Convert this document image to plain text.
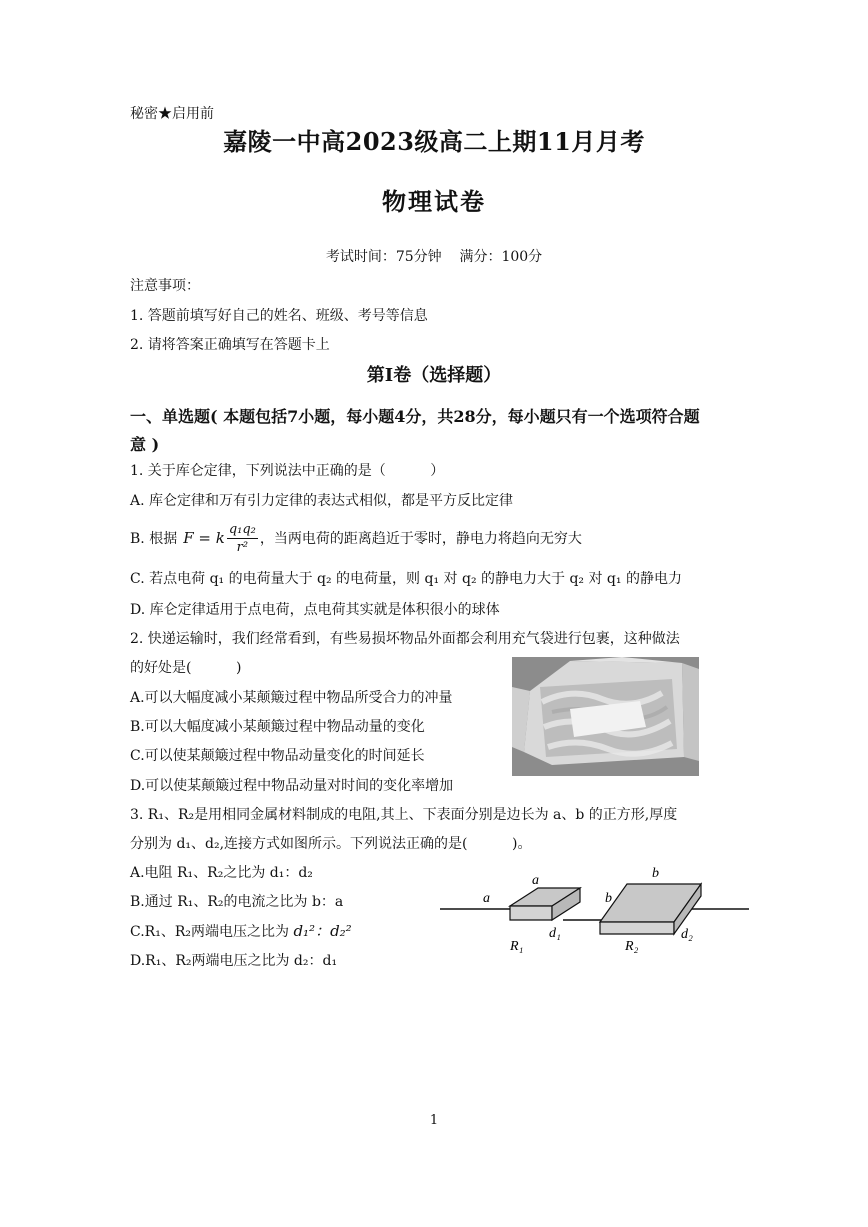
秘密★启用前
嘉陵一中高2023级高二上期11月月考
物理试卷
考试时间：75分钟    满分：100分
注意事项：
1. 答题前填写好自己的姓名、班级、考号等信息
2. 请将答案正确填写在答题卡上
第Ⅰ卷（选择题）
一、单选题( 本题包括7小题，每小题4分，共28分，每小题只有一个选项符合题
意 )
1. 关于库仑定律，下列说法中正确的是（          ）
A. 库仑定律和万有引力定律的表达式相似，都是平方反比定律
B. 根据 F = k $\frac{\text{q₁q₂}}{\text{r²}}$ ，当两电荷的距离趋近于零时，静电力将趋向无穷大
C. 若点电荷 q₁ 的电荷量大于 q₂ 的电荷量，则 q₁ 对 q₂ 的静电力大于 q₂ 对 q₁ 的静电力
D. 库仑定律适用于点电荷，点电荷其实就是体积很小的球体
2. 快递运输时，我们经常看到，有些易损坏物品外面都会利用充气袋进行包裹，这种做法
的好处是(          )
A.可以大幅度减小某颠簸过程中物品所受合力的冲量
B.可以大幅度减小某颠簸过程中物品动量的变化
C.可以使某颠簸过程中物品动量变化的时间延长
D.可以使某颠簸过程中物品动量对时间的变化率增加
3. R₁、R₂是用相同金属材料制成的电阻,其上、下表面分别是边长为 a、b 的正方形,厚度
分别为 d₁、d₂,连接方式如图所示。下列说法正确的是(          )。
A.电阻 R₁、R₂之比为 d₁：d₂
B.通过 R₁、R₂的电流之比为 b：a
C.R₁、R₂两端电压之比为 d₁²：d₂²
D.R₁、R₂两端电压之比为 d₂：d₁
a
a
b
b
R₁	R₂
d₁	d₂
1
